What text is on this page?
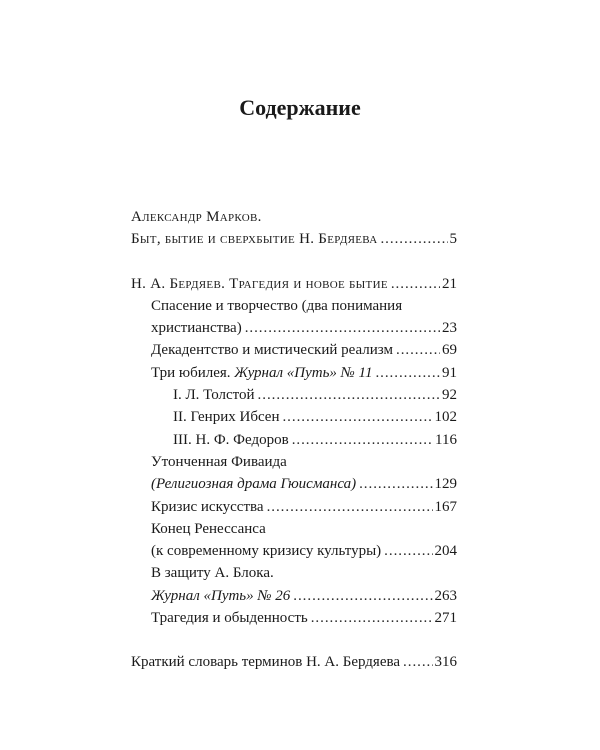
Содержание
Александр Марков.
Быт, бытие и сверхбытие Н. Бердяева . . .	5
Н. А. Бердяев. Трагедия и новое бытие . . .	21
Спасение и творчество (два понимания
христианства) . . .	23
Декадентство и мистический реализм . . .	69
Три юбилея. Журнал «Путь» № 11 . . .	91
I. Л. Толстой . . .	92
II. Генрих Ибсен . . .	102
III. Н. Ф. Федоров . . .	116
Утонченная Фиваида
(Религиозная драма Гюисманса) . . .	129
Кризис искусства . . .	167
Конец Ренессанса
(к современному кризису культуры) . . .	204
В защиту А. Блока.
Журнал «Путь» № 26 . . .	263
Трагедия и обыденность . . .	271
Краткий словарь терминов Н. А. Бердяева . . . 316
